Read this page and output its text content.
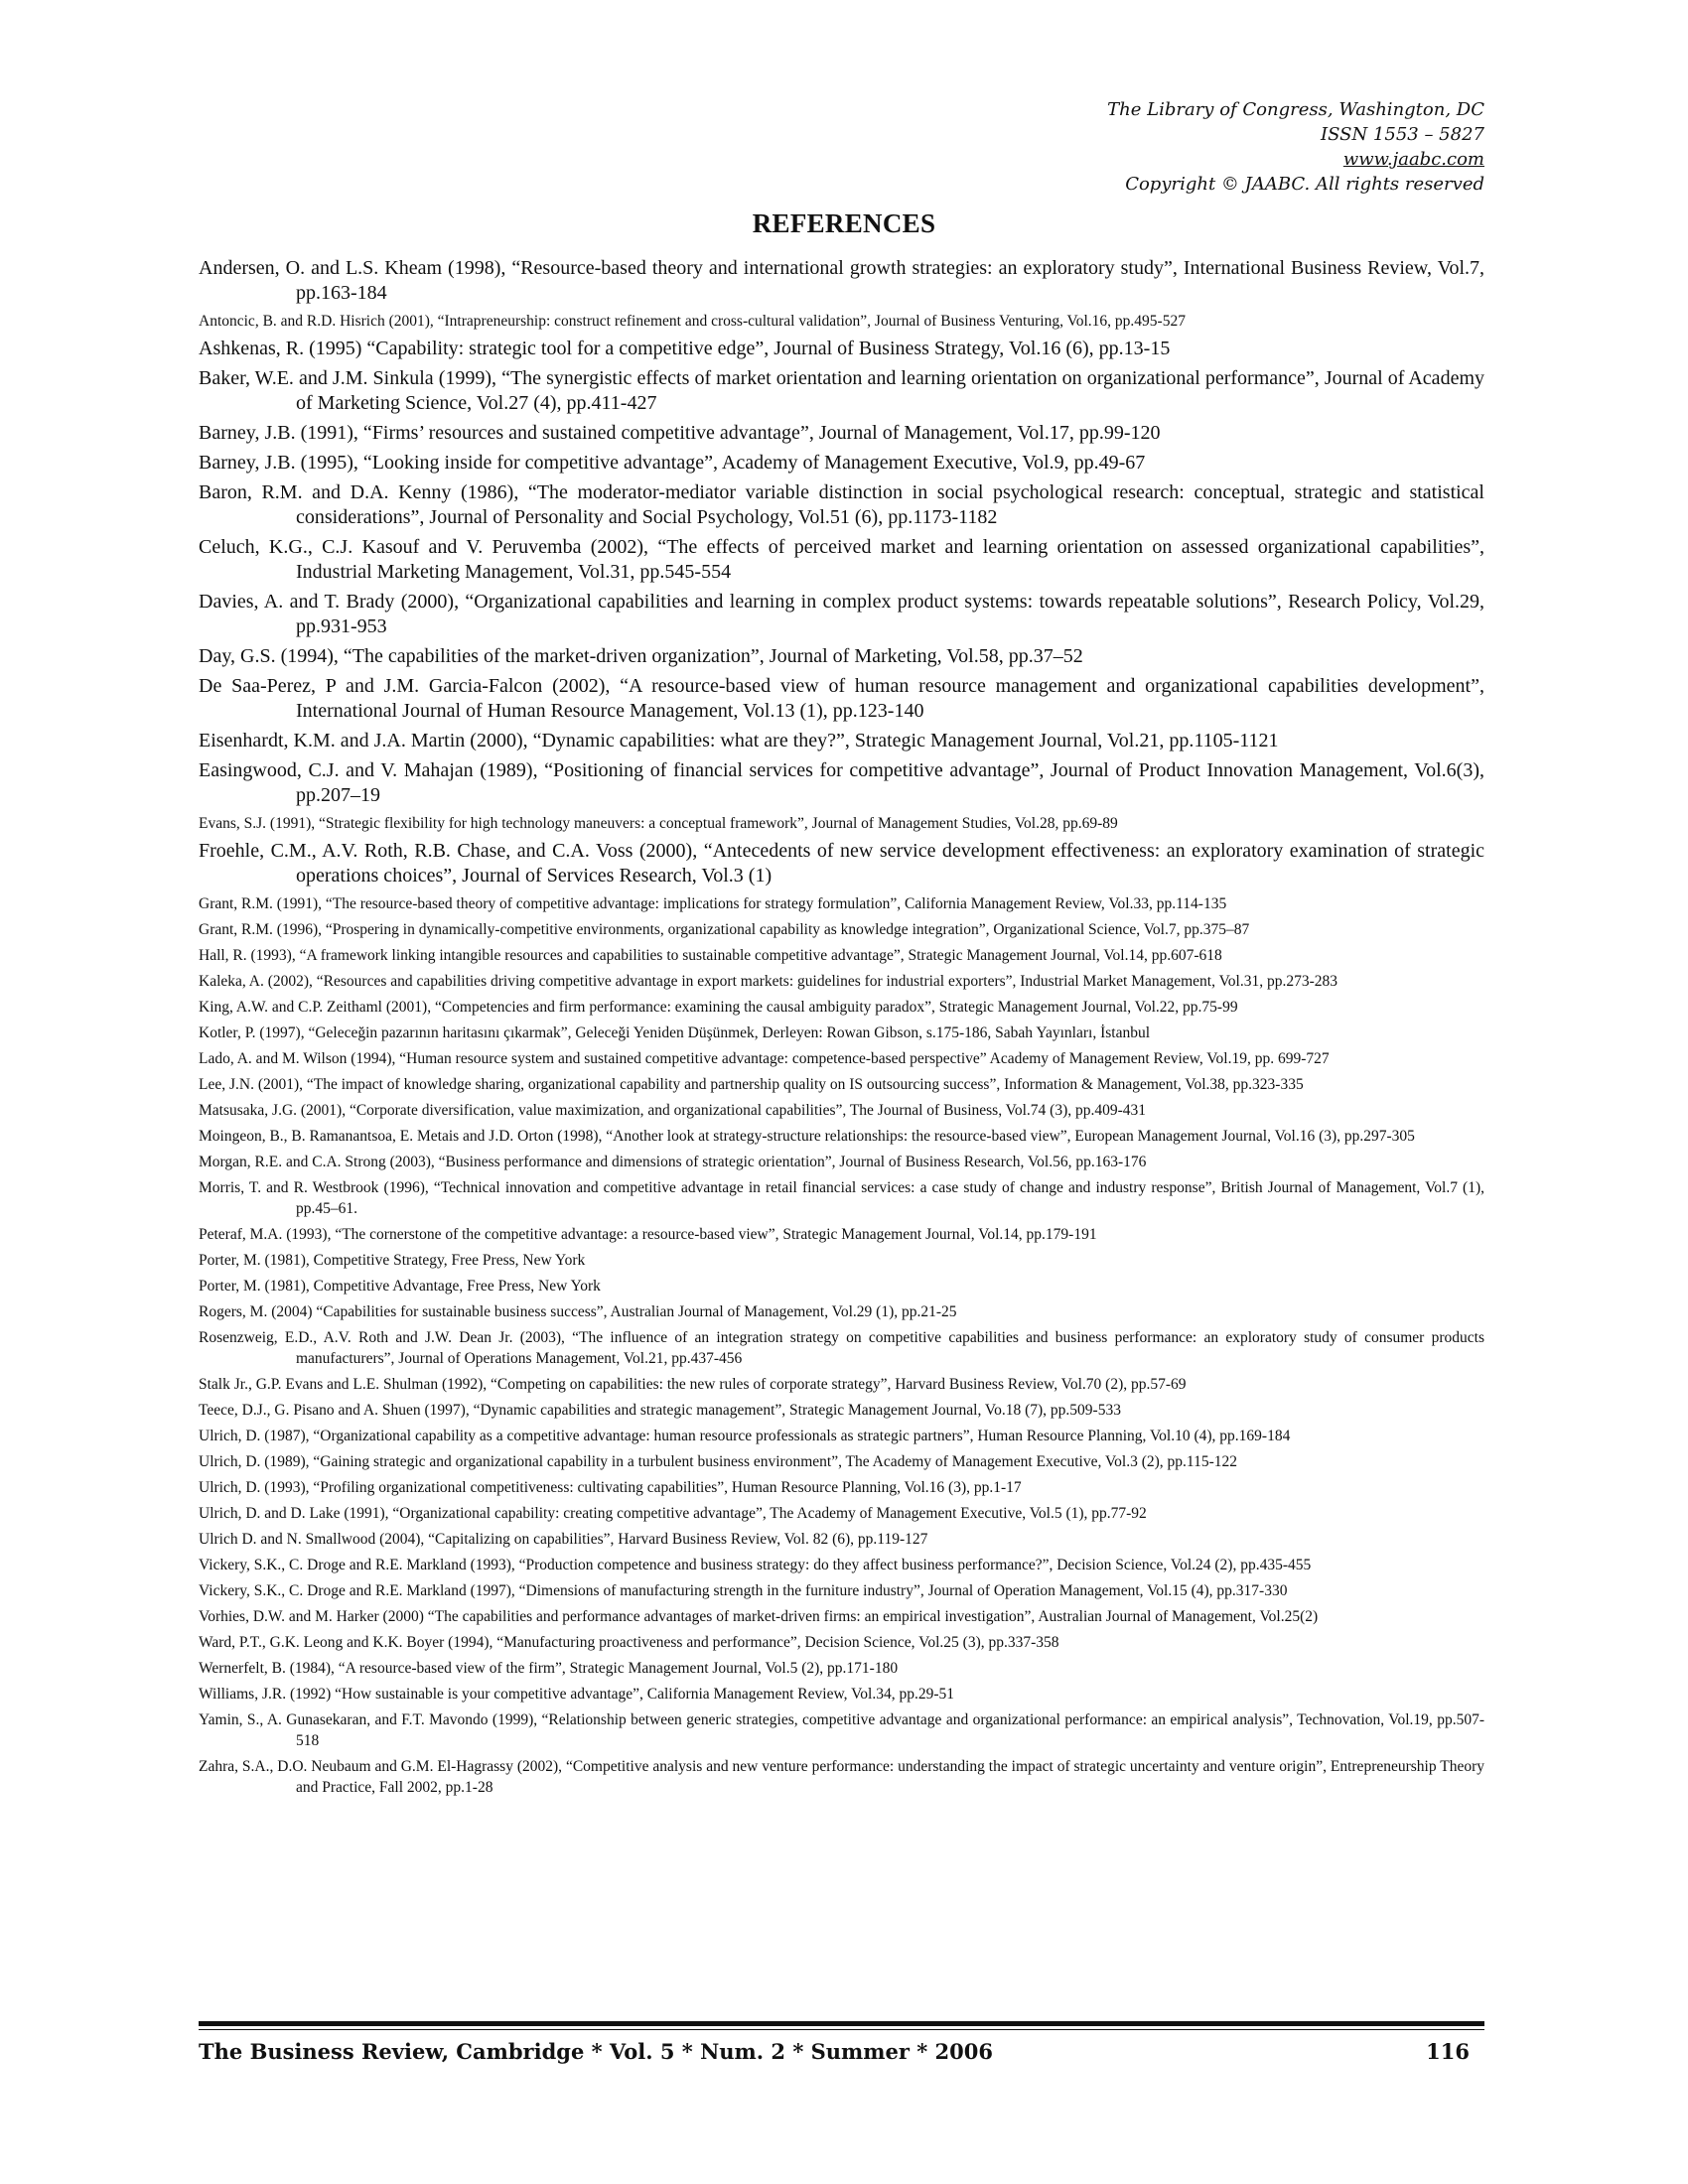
The Library of Congress, Washington, DC
ISSN 1553 – 5827
www.jaabc.com
Copyright © JAABC. All rights reserved
REFERENCES

Andersen, O. and L.S. Kheam (1998), “Resource-based theory and international growth strategies: an exploratory study”, International Business Review, Vol.7, pp.163-184

Antoncic, B. and R.D. Hisrich (2001), “Intrapreneurship: construct refinement and cross-cultural validation”, Journal of Business Venturing, Vol.16, pp.495-527

Ashkenas, R. (1995) “Capability: strategic tool for a competitive edge”, Journal of Business Strategy, Vol.16 (6), pp.13-15

Baker, W.E. and J.M. Sinkula (1999), “The synergistic effects of market orientation and learning orientation on organizational performance”, Journal of Academy of Marketing Science, Vol.27 (4), pp.411-427

Barney, J.B. (1991), “Firms’ resources and sustained competitive advantage”, Journal of Management, Vol.17, pp.99-120

Barney, J.B. (1995), “Looking inside for competitive advantage”, Academy of Management Executive, Vol.9, pp.49-67

Baron, R.M. and D.A. Kenny (1986), “The moderator-mediator variable distinction in social psychological research: conceptual, strategic and statistical considerations”, Journal of Personality and Social Psychology, Vol.51 (6), pp.1173-1182

Celuch, K.G., C.J. Kasouf and V. Peruvemba (2002), “The effects of perceived market and learning orientation on assessed organizational capabilities”, Industrial Marketing Management, Vol.31, pp.545-554

Davies, A. and T. Brady (2000), “Organizational capabilities and learning in complex product systems: towards repeatable solutions”, Research Policy, Vol.29, pp.931-953

Day, G.S. (1994), “The capabilities of the market-driven organization”, Journal of Marketing, Vol.58, pp.37–52

De Saa-Perez, P and J.M. Garcia-Falcon (2002), “A resource-based view of human resource management and organizational capabilities development”, International Journal of Human Resource Management, Vol.13 (1), pp.123-140

Eisenhardt, K.M. and J.A. Martin (2000), “Dynamic capabilities: what are they?”, Strategic Management Journal, Vol.21, pp.1105-1121

Easingwood, C.J. and V. Mahajan (1989), “Positioning of financial services for competitive advantage”, Journal of Product Innovation Management, Vol.6(3), pp.207–19

Evans, S.J. (1991), “Strategic flexibility for high technology maneuvers: a conceptual framework”, Journal of Management Studies, Vol.28, pp.69-89

Froehle, C.M., A.V. Roth, R.B. Chase, and C.A. Voss (2000), “Antecedents of new service development effectiveness: an exploratory examination of strategic operations choices”, Journal of Services Research, Vol.3 (1)

Grant, R.M. (1991), “The resource-based theory of competitive advantage: implications for strategy formulation”, California Management Review, Vol.33, pp.114-135

Grant, R.M. (1996), “Prospering in dynamically-competitive environments, organizational capability as knowledge integration”, Organizational Science, Vol.7, pp.375–87

Hall, R. (1993), “A framework linking intangible resources and capabilities to sustainable competitive advantage”, Strategic Management Journal, Vol.14, pp.607-618

Kaleka, A. (2002), “Resources and capabilities driving competitive advantage in export markets: guidelines for industrial exporters”, Industrial Market Management, Vol.31, pp.273-283

King, A.W. and C.P. Zeithaml (2001), “Competencies and firm performance: examining the causal ambiguity paradox”, Strategic Management Journal, Vol.22, pp.75-99

Kotler, P. (1997), “Geleceğin pazarının haritasını çıkarmak”, Geleceği Yeniden Düşünmek, Derleyen: Rowan Gibson, s.175-186, Sabah Yayınları, İstanbul

Lado, A. and M. Wilson (1994), “Human resource system and sustained competitive advantage: competence-based perspective” Academy of Management Review, Vol.19, pp. 699-727

Lee, J.N. (2001), “The impact of knowledge sharing, organizational capability and partnership quality on IS outsourcing success”, Information & Management, Vol.38, pp.323-335

Matsusaka, J.G. (2001), “Corporate diversification, value maximization, and organizational capabilities”, The Journal of Business, Vol.74 (3), pp.409-431

Moingeon, B., B. Ramanantsoa, E. Metais and J.D. Orton (1998), “Another look at strategy-structure relationships: the resource-based view”, European Management Journal, Vol.16 (3), pp.297-305

Morgan, R.E. and C.A. Strong (2003), “Business performance and dimensions of strategic orientation”, Journal of Business Research, Vol.56, pp.163-176

Morris, T. and R. Westbrook (1996), “Technical innovation and competitive advantage in retail financial services: a case study of change and industry response”, British Journal of Management, Vol.7 (1), pp.45–61.

Peteraf, M.A. (1993), “The cornerstone of the competitive advantage: a resource-based view”, Strategic Management Journal, Vol.14, pp.179-191

Porter, M. (1981), Competitive Strategy, Free Press, New York

Porter, M. (1981), Competitive Advantage, Free Press, New York

Rogers, M. (2004) “Capabilities for sustainable business success”, Australian Journal of Management, Vol.29 (1), pp.21-25

Rosenzweig, E.D., A.V. Roth and J.W. Dean Jr. (2003), “The influence of an integration strategy on competitive capabilities and business performance: an exploratory study of consumer products manufacturers”, Journal of Operations Management, Vol.21, pp.437-456

Stalk Jr., G.P. Evans and L.E. Shulman (1992), “Competing on capabilities: the new rules of corporate strategy”, Harvard Business Review, Vol.70 (2), pp.57-69

Teece, D.J., G. Pisano and A. Shuen (1997), “Dynamic capabilities and strategic management”, Strategic Management Journal, Vo.18 (7), pp.509-533

Ulrich, D. (1987), “Organizational capability as a competitive advantage: human resource professionals as strategic partners”, Human Resource Planning, Vol.10 (4), pp.169-184

Ulrich, D. (1989), “Gaining strategic and organizational capability in a turbulent business environment”, The Academy of Management Executive, Vol.3 (2), pp.115-122

Ulrich, D. (1993), “Profiling organizational competitiveness: cultivating capabilities”, Human Resource Planning, Vol.16 (3), pp.1-17

Ulrich, D. and D. Lake (1991), “Organizational capability: creating competitive advantage”, The Academy of Management Executive, Vol.5 (1), pp.77-92

Ulrich D. and N. Smallwood (2004), “Capitalizing on capabilities”, Harvard Business Review, Vol. 82 (6), pp.119-127

Vickery, S.K., C. Droge and R.E. Markland (1993), “Production competence and business strategy: do they affect business performance?”, Decision Science, Vol.24 (2), pp.435-455

Vickery, S.K., C. Droge and R.E. Markland (1997), “Dimensions of manufacturing strength in the furniture industry”, Journal of Operation Management, Vol.15 (4), pp.317-330

Vorhies, D.W. and M. Harker (2000) “The capabilities and performance advantages of market-driven firms: an empirical investigation”, Australian Journal of Management, Vol.25(2)

Ward, P.T., G.K. Leong and K.K. Boyer (1994), “Manufacturing proactiveness and performance”, Decision Science, Vol.25 (3), pp.337-358

Wernerfelt, B. (1984), “A resource-based view of the firm”, Strategic Management Journal, Vol.5 (2), pp.171-180

Williams, J.R. (1992) “How sustainable is your competitive advantage”, California Management Review, Vol.34, pp.29-51

Yamin, S., A. Gunasekaran, and F.T. Mavondo (1999), “Relationship between generic strategies, competitive advantage and organizational performance: an empirical analysis”, Technovation, Vol.19, pp.507-518

Zahra, S.A., D.O. Neubaum and G.M. El-Hagrassy (2002), “Competitive analysis and new venture performance: understanding the impact of strategic uncertainty and venture origin”, Entrepreneurship Theory and Practice, Fall 2002, pp.1-28

The Business Review, Cambridge * Vol. 5 * Num. 2 * Summer * 2006	116
